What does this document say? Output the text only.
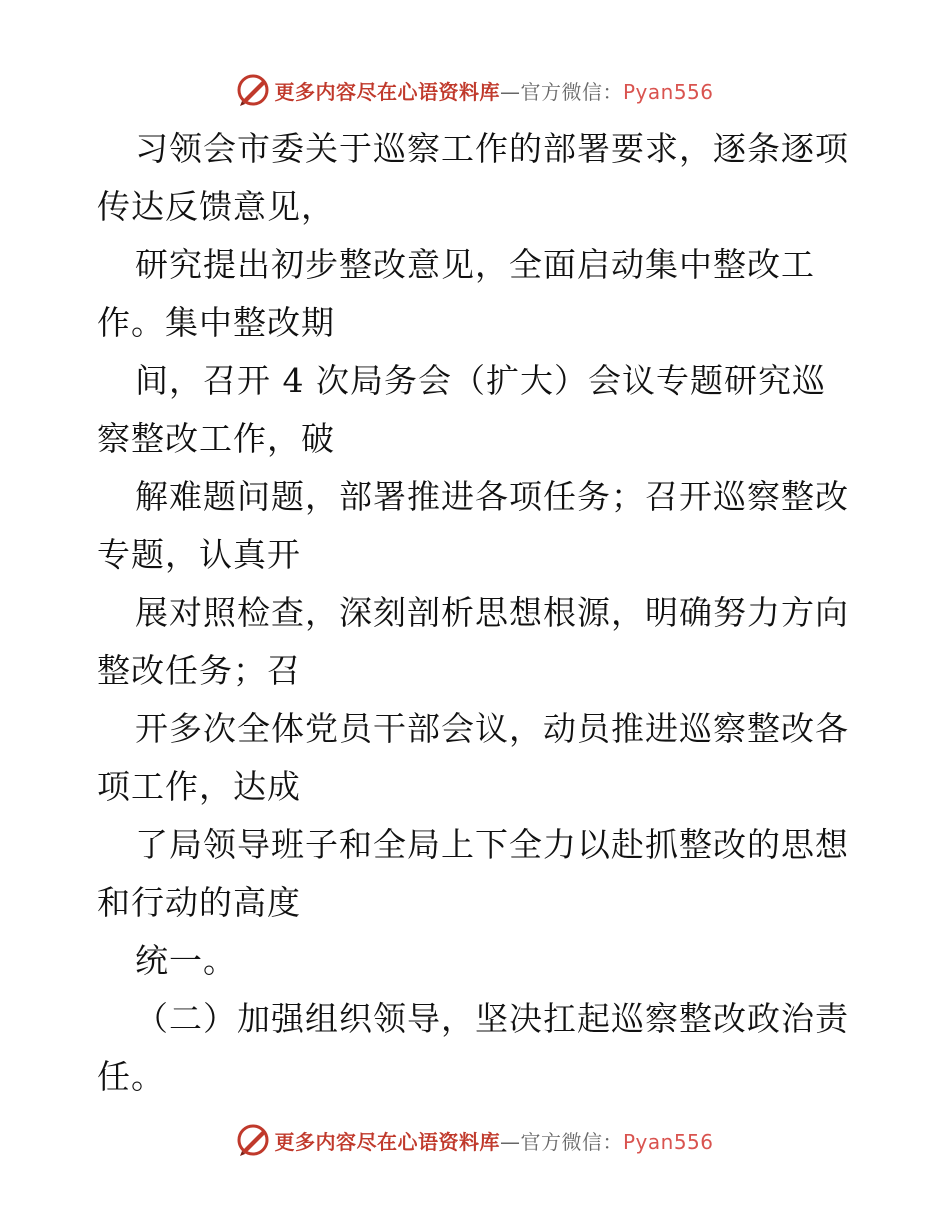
更多内容尽在心语资料库—官方微信：Pyan556
习领会市委关于巡察工作的部署要求，逐条逐项
传达反馈意见，
研究提出初步整改意见，全面启动集中整改工
作。集中整改期
间，召开 4 次局务会（扩大）会议专题研究巡
察整改工作，破
解难题问题，部署推进各项任务；召开巡察整改
专题，认真开
展对照检查，深刻剖析思想根源，明确努力方向
整改任务；召
开多次全体党员干部会议，动员推进巡察整改各
项工作，达成
了局领导班子和全局上下全力以赴抓整改的思想
和行动的高度
统一。
（二）加强组织领导，坚决扛起巡察整改政治责
任。
更多内容尽在心语资料库—官方微信：Pyan556
